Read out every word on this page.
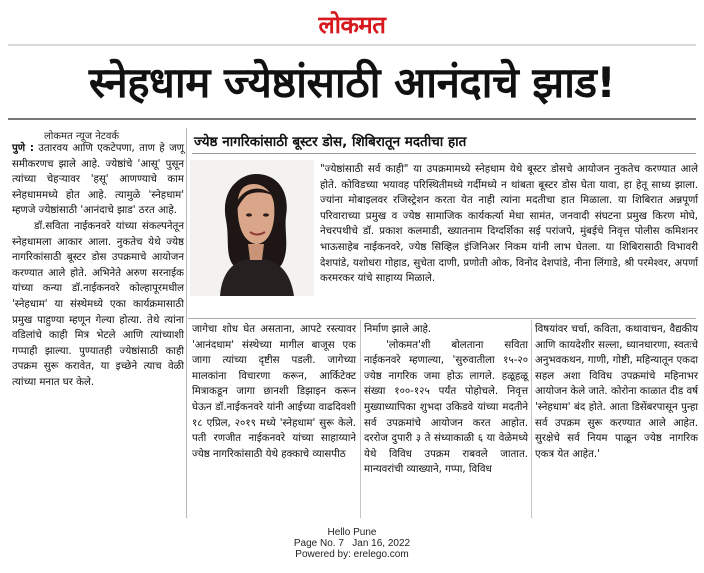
लोकमत
स्नेहधाम ज्येष्ठांसाठी आनंदाचे झाड!
लोकमत न्यूज नेटवर्क

पुणे : उतारवय आणि एकटेपणा, ताण हे जणू समीकरणच झाले आहे. ज्येष्ठांचे 'आसू' पुसून त्यांच्या चेहऱ्यावर 'हसू' आणण्याचे काम स्नेहधाममध्ये होत आहे. त्यामुळे 'स्नेहधाम' म्हणजे ज्येष्ठांसाठी 'आनंदाचे झाड' ठरत आहे.

डॉ.सविता नाईकनवरे यांच्या संकल्पनेतून स्नेहधामला आकार आला. नुकतेच येथे ज्येष्ठ नागरिकांसाठी बूस्टर डोस उपक्रमाचे आयोजन करण्यात आले होते. अभिनेते अरुण सरनाईक यांच्या कन्या डॉ.नाईकनवरे कोल्हापूरमधील 'स्नेहधाम' या संस्थेमध्ये एका कार्यक्रमासाठी प्रमुख पाहुण्या म्हणून गेल्या होत्या. तेथे त्यांना वडिलांचे काही मित्र भेटले आणि त्यांच्याशी गप्पाही झाल्या. पुण्यातही ज्येष्ठांसाठी काही उपक्रम सुरू करावेत, या इच्छेने त्याच वेळी त्यांच्या मनात घर केले.

ज्येष्ठ नागरिकांसाठी बूस्टर डोस, शिबिरातून मदतीचा हात
"ज्येष्ठांसाठी सर्व काही" या उपक्रमामध्ये स्नेहधाम येथे बूस्टर डोसचे आयोजन नुकतेच करण्यात आले होते. कोविडच्या भयावह परिस्थितीमध्ये गर्दीमध्ये न थांबता बूस्टर डोस घेता यावा, हा हेतू साध्य झाला. ज्यांना मोबाइलवर रजिस्ट्रेशन करता येत नाही त्यांना मदतीचा हात मिळाला. या शिबिरात अन्नपूर्णा परिवाराच्या प्रमुख व ज्येष्ठ सामाजिक कार्यकर्त्या मेधा सामंत, जनवादी संघटना प्रमुख किरण मोघे, नेचरपथीचे डॉ. प्रकाश कलमाडी, ख्यातनाम दिग्दर्शिका सई परांजपे, मुंबईचे निवृत्त पोलीस कमिशनर भाऊसाहेब नाईकनवरे, ज्येष्ठ सिव्हिल इंजिनिअर निकम यांनी लाभ घेतला. या शिबिरासाठी विभावरी देशपांडे, यशोधरा गोहाड, सुचेता दाणी, प्रणोती ओक, विनोद देशपांडे, नीना लिंगाडे, श्री परमेश्वर, अपर्णा करमरकर यांचे साहाय्य मिळाले.
जागेचा शोध घेत असताना, आपटे रस्त्यावर 'आनंदधाम' संस्थेच्या मागील बाजूस एक जागा त्यांच्या दृष्टीस पडली. जागेच्या मालकांना विचारणा करून, आर्किटेक्ट मित्राकडून जागा छानशी डिझाइन करून घेऊन डॉ.नाईकनवरे यांनी आईच्या वाढदिवशी १८ एप्रिल, २०१९ मध्ये 'स्नेहधाम' सुरू केले. पती रणजीत नाईकनवरे यांच्या साहाय्याने ज्येष्ठ नागरिकांसाठी येथे हक्काचे व्यासपीठ
निर्माण झाले आहे.
'लोकमत'शी बोलताना सविता नाईकनवरे म्हणाल्या, 'सुरुवातीला १५-२० ज्येष्ठ नागरिक जमा होऊ लागले. हळूहळू संख्या १००-१२५ पर्यंत पोहोचले. निवृत्त मुख्याध्यापिका शुभदा उकिडवे यांच्या मदतीने सर्व उपक्रमांचे आयोजन करत आहोत. दररोज दुपारी ३ ते संध्याकाळी ६ या वेळेमध्ये येथे विविध उपक्रम राबवले जातात. मान्यवरांची व्याख्याने, गप्पा, विविध
विषयांवर चर्चा, कविता, कथावाचन, वैद्यकीय आणि कायदेशीर सल्ला, ध्यानधारणा, स्वतःचे अनुभवकथन, गाणी, गोष्टी, महिन्यातून एकदा सहल अशा विविध उपक्रमांचे महिनाभर आयोजन केले जाते. कोरोना काळात दीड वर्ष 'स्नेहधाम' बंद होते. आता डिसेंबरपासून पुन्हा सर्व उपक्रम सुरू करण्यात आले आहेत. सुरक्षेचे सर्व नियम पाळून ज्येष्ठ नागरिक एकत्र येत आहेत.'
Hello Pune
Page No. 7 Jan 16, 2022
Powered by: erelego.com
